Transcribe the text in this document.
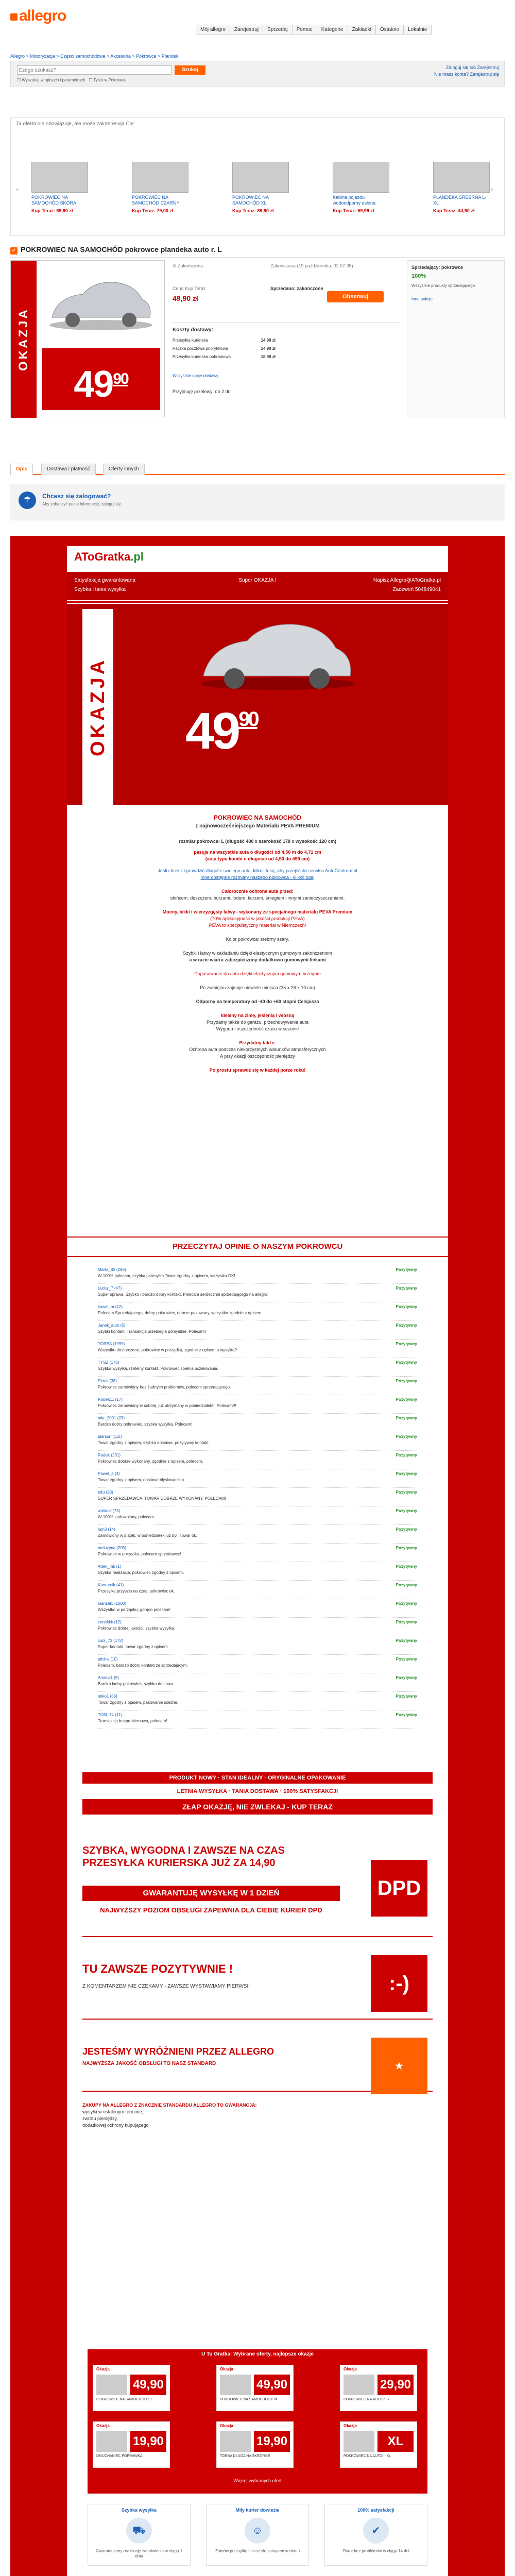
allegro
Mój allegro	Zarejestruj	Sprzedaj	Pomoc	Kategorie	Zakładki	Ostatnio	Lokalnie
Allegro > Motoryzacja > Części samochodowe > Akcesoria > Pokrowce > Plandeki
Czego szukasz?
Szukaj
☐ Wyszukaj w opisach i parametrach   ☐ Tylko w Pokrowce
Zaloguj się lub Zarejestruj
Nie masz konta? Zarejestruj się
Ta oferta nie obowiązuje, ale może zainteresują Cię:
‹	›
POKROWIEC NA SAMOCHÓD SKÓRA
Kup Teraz: 69,90 zł
POKROWIEC NA SAMOCHÓD CZARNY
Kup Teraz: 79,00 zł
POKROWIEC NA SAMOCHÓD XL
Kup Teraz: 89,90 zł
Kabina pojazdu wodoodporny osłona
Kup Teraz: 69,99 zł
PLANDEKA SREBRNA L-XL
Kup Teraz: 44,90 zł
✓ POKROWIEC NA SAMOCHÓD pokrowce plandeka auto r. L
OKAZJA
$49^{90}$
⊘ Zakończona	Zakończona (19 października, 02:07:35)
Cena Kup Teraz
49,90 zł
Sprzedano: zakończone
Koszty dostawy:
Przesyłka kurierska	14,90 zł
Paczka pocztowa priorytetowa	14,90 zł
Przesyłka kurierska pobraniowa	18,90 zł
Wszystkie opcje dostawy
Przyjmuję przelewy: do 2 dni
Obserwuj
Sprzedający: pokrowce
100%
Wszystkie produkty sprzedającego
Inne aukcje
Opis	Dostawa i płatność	Oferty innych
☂	Chcesz się zalogować?
Aby zobaczyć pełne informacje, zaloguj się.
AToGratka.pl
Satysfakcja gwarantowana
Szybka i tania wysyłka
Super OKAZJA !	Napisz Allegro@AToGratka.pl
Zadzwoń 504849041
OKAZJA $49^{90}$
POKROWIEC NA SAMOCHÓD
z najnowocześniejszego Materiału PEVA PREMIUM
rozmiar pokrowca: L (długość 480 x szerokość 178 x wysokość 120 cm)
pasuje na wszystkie auta o długości od 4,50 m do 4,71 cm
(auta typu kombi o długości od 4,50 do 490 cm)
Jeśli chcesz sprawdzić długość swojego auta, kliknij tutaj, aby przejść do serwisu AutoCentrum.pl
Inne dostępne rozmiary naszego pokrowca - kliknij tutaj
Całorocznie ochrona auta przed:
słońcem, deszczem, burzami, lodem, kurzem, śniegiem i innymi zanieczyszczeniami.
Mocny, lekki i wierzyzgęsty łatwy - wykonany ze specjalnego materiału PEVA Premium
(70% aplikacyjność w jakości produkcji PEVA)
PEVA to specjalistyczny materiał w Niemczech!
Kolor pokrowca: srebrny szary.
Szybki i łatwy w zakładaniu dzięki elastycznym gumowym zakończeniom
a w razie wiatru zabezpieczony dodatkowo gumowymi linkami
Dopasowanie do auta dzięki elastycznym gumowym brzegom
Po zwinięciu zajmuje niewiele miejsca (35 x 26 x 10 cm)
Odporny na temperatury od -40 do +60 stopni Celsjusza
Idealny na zimę, jesienią i wiosną
Przydatny także do garażu, przechowywanie auta
Wygoda i oszczędność czasu w sezonie
Przydatny także:
Ochrona auta podczas niekorzystnych warunków atmosferycznych
A przy okazji oszczędność pieniędzy
Po prostu sprawdź się w każdej porze roku!
PRZECZYTAJ OPINIE O NASZYM POKROWCU
Marta_82 (286)	Pozytywny
W 100% polecam, szybka przesyłka Towar zgodny z opisem, wszystko OK!
Lucky_7 (47)	Pozytywny
Super sprawa. Szybko i bardzo dobry kontakt. Polecam serdecznie sprzedającego na allegro!
kowal_m (12)	Pozytywny
Polecam Sprzedającego, dobry pokrowiec, dobrze pakowany, wszystko zgodnie z opisem.
Janek_auto (5)	Pozytywny
Szybki kontakt. Transakcja przebiegła pomyślnie. Polecam!
TORBA (1999)	Pozytywny
Wszystko dostarczone, pokrowiec w porządku, zgodne z opisem a wysyłka?
TYSZ (170)	Pozytywny
Szybka wysyłka, rzetelny kontakt. Pokrowiec spełnia oczekiwania.
Pitrek (38)	Pozytywny
Pokrowiec zamówiony bez żadnych problemów, polecam sprzedającego.
Robek11 (17)	Pozytywny
Pokrowiec zamówiony w sobotę, już otrzymany w poniedziałek!!! Polecam!!!
mkr_2001 (23)	Pozytywny
Bardzo dobry pokrowiec, szybka wysyłka. Polecam!
plarson (112)	Pozytywny
Towar zgodny z opisem, szybka dostawa, pozytywny kontakt.
Radek (231)	Pozytywny
Pokrowiec dobrze wykonany, zgodnie z opisem, polecam.
Pawel_a (4)	Pozytywny
Towar zgodny z opisem, dostawa błyskawiczna.
tofu (28)	Pozytywny
SUPER SPRZEDAWCA, TOWAR DOBRZE WYKONANY, POLECAM!
wallace (73)	Pozytywny
W 100% zadowolony, polecam.
lam3 (14)	Pozytywny
Zamówiony w piątek, w poniedziałek już był. Towar ok.
meluzyna (205)	Pozytywny
Pokrowiec w porządku, polecam sprzedawcę!
Adek_mk (1)	Pozytywny
Szybka realizacja, pokrowiec zgodny z opisem.
Komornik (41)	Pozytywny
Przesyłka przyszła na czas, pokrowiec ok.
Gansel1 (1000)	Pozytywny
Wszystko w porządku, gorąco polecam!
zenekkk (12)	Pozytywny
Pokrowiec dobrej jakości, szybka wysyłka.
cool_73 (172)	Pozytywny
Super kontakt, towar zgodny z opisem.
pitoliw (10)	Pozytywny
Polecam, bardzo dobry kontakt ze sprzedającym.
Amelia1 (9)	Pozytywny
Bardzo ładny pokrowiec, szybka dostawa.
miko1 (66)	Pozytywny
Towar zgodny z opisem, pakowanie solidne.
TOM_74 (11)	Pozytywny
Transakcja bezproblemowa, polecam!
PRODUKT NOWY · STAN IDEALNY · ORYGINALNE OPAKOWANIE
LETNIA WYSYŁKA · TANIA DOSTAWA · 100% SATYSFAKCJI
ZŁAP OKAZJĘ, NIE ZWLEKAJ - KUP TERAZ
SZYBKA, WYGODNA I ZAWSZE NA CZAS PRZESYŁKA KURIERSKA JUŻ ZA 14,90
GWARANTUJĘ WYSYŁKĘ W 1 DZIEŃ
NAJWYŻSZY POZIOM OBSŁUGI ZAPEWNIA DLA CIEBIE KURIER DPD
DPD
TU ZAWSZE POZYTYWNIE !
Z KOMENTARZEM NIE CZEKAMY - ZAWSZE WYSTAWIAMY PIERWSI!	:-)
JESTEŚMY WYRÓŻNIENI PRZEZ ALLEGRO
NAJWYŻSZA JAKOŚĆ OBSŁUGI TO NASZ STANDARD	★
ZAKUPY NA ALLEGRO Z ZNACZNIE STANDARDU ALLEGRO TO GWARANCJA:
wysyłki w ustalonym terminie,
zwrotu pieniędzy,
dodatkowej ochrony kupującego
U Tu Gratka: Wybrane oferty, najlepsze okazje
Okazja
49,90
POKROWIEC NA SAMOCHÓD r. L
Okazja
49,90
POKROWIEC NA SAMOCHÓD r. M
Okazja
29,90
POKROWIEC NA AUTO r. S
Okazja
19,90
DMUCHANIEC POPRAWKA
Okazja
19,90
TORBA DŁUGA NA SKRZYNIE
Okazja
XL
POKROWIEC NA AUTO r. XL
Więcej wybranych ofert
Szybka wysyłka
⛟

Gwarantujemy realizację zamówienia w ciągu 1 dnia

Miły kurier dowiezie
☺

Zamów przesyłkę i ciesz się zakupem w domu

100% satysfakcji
✔

Zwrot bez problemów w ciągu 14 dni
